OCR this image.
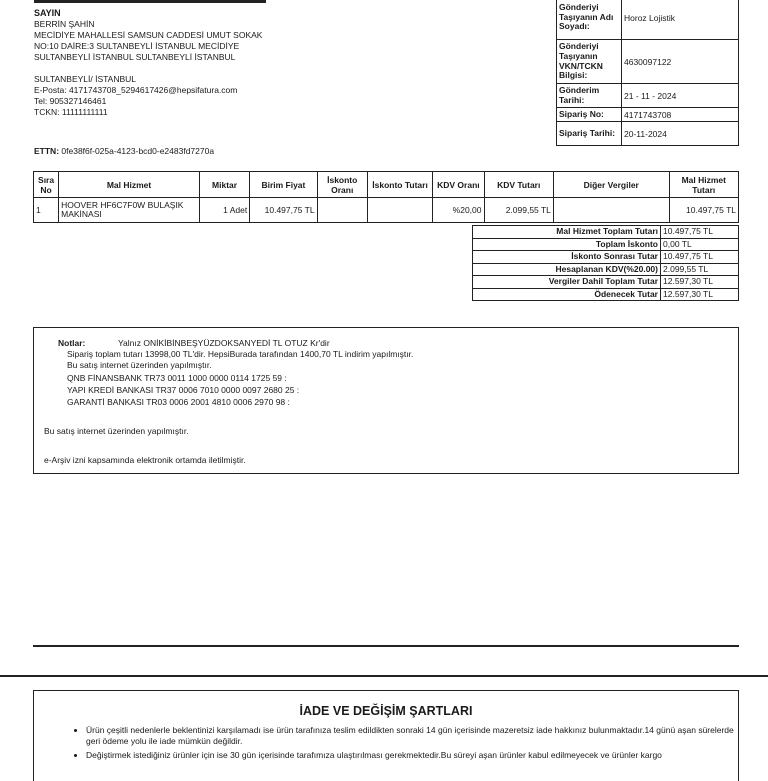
SAYIN
BERRİN ŞAHİN
MECİDİYE MAHALLESİ SAMSUN CADDESİ UMUT SOKAK
NO:10 DAİRE:3 SULTANBEYLİ İSTANBUL MECİDİYE
SULTANBEYLİ İSTANBUL SULTANBEYLİ İSTANBUL
SULTANBEYLİ/ İSTANBUL
E-Posta: 4171743708_5294617426@hepsifatura.com
Tel: 905327146461
TCKN: 11111111111
Gönderiyi Taşıyanın Adı Soyadı:	Horoz Lojistik
Gönderiyi Taşıyanın VKN/TCKN Bilgisi:	4630097122
Gönderim Tarihi:	21 - 11 - 2024
Sipariş No:	4171743708
Sipariş Tarihi:	20-11-2024
ETTN: 0fe38f6f-025a-4123-bcd0-e2483fd7270a
Sıra No	Mal Hizmet	Miktar	Birim Fiyat	İskonto Oranı	İskonto Tutarı	KDV Oranı	KDV Tutarı	Diğer Vergiler	Mal Hizmet Tutarı
1	HOOVER HF6C7F0W BULAŞIK MAKİNASI	1 Adet	10.497,75 TL			%20,00	2.099,55 TL		10.497,75 TL
Mal Hizmet Toplam Tutarı	10.497,75 TL
Toplam İskonto	0,00 TL
İskonto Sonrası Tutar	10.497,75 TL
Hesaplanan KDV(%20.00)	2.099,55 TL
Vergiler Dahil Toplam Tutar	12.597,30 TL
Ödenecek Tutar	12.597,30 TL
Notlar:	Yalnız ONİKİBİNBEŞYÜZDOKSANYEDİ TL OTUZ Kr'dir
Sipariş toplam tutarı 13998,00 TL'dir. HepsiBurada tarafından 1400,70 TL indirim yapılmıştır.
Bu satış internet üzerinden yapılmıştır.
QNB FİNANSBANK TR73 0011 1000 0000 0114 1725 59 :
YAPI KREDİ BANKASI TR37 0006 7010 0000 0097 2680 25 :
GARANTİ BANKASI TR03 0006 2001 4810 0006 2970 98 :
Bu satış internet üzerinden yapılmıştır.
e-Arşiv izni kapsamında elektronik ortamda iletilmiştir.
İADE VE DEĞİŞİM ŞARTLARI
• Ürün çeşitli nedenlerle beklentinizi karşılamadı ise ürün tarafınıza teslim edildikten sonraki 14 gün içerisinde mazeretsiz iade hakkınız bulunmaktadır.14 günü aşan sürelerde geri ödeme yolu ile iade mümkün değildir.
• Değiştirmek istediğiniz ürünler için ise 30 gün içerisinde tarafımıza ulaştırılması gerekmektedir.Bu süreyi aşan ürünler kabul edilmeyecek ve ürünler kargo
